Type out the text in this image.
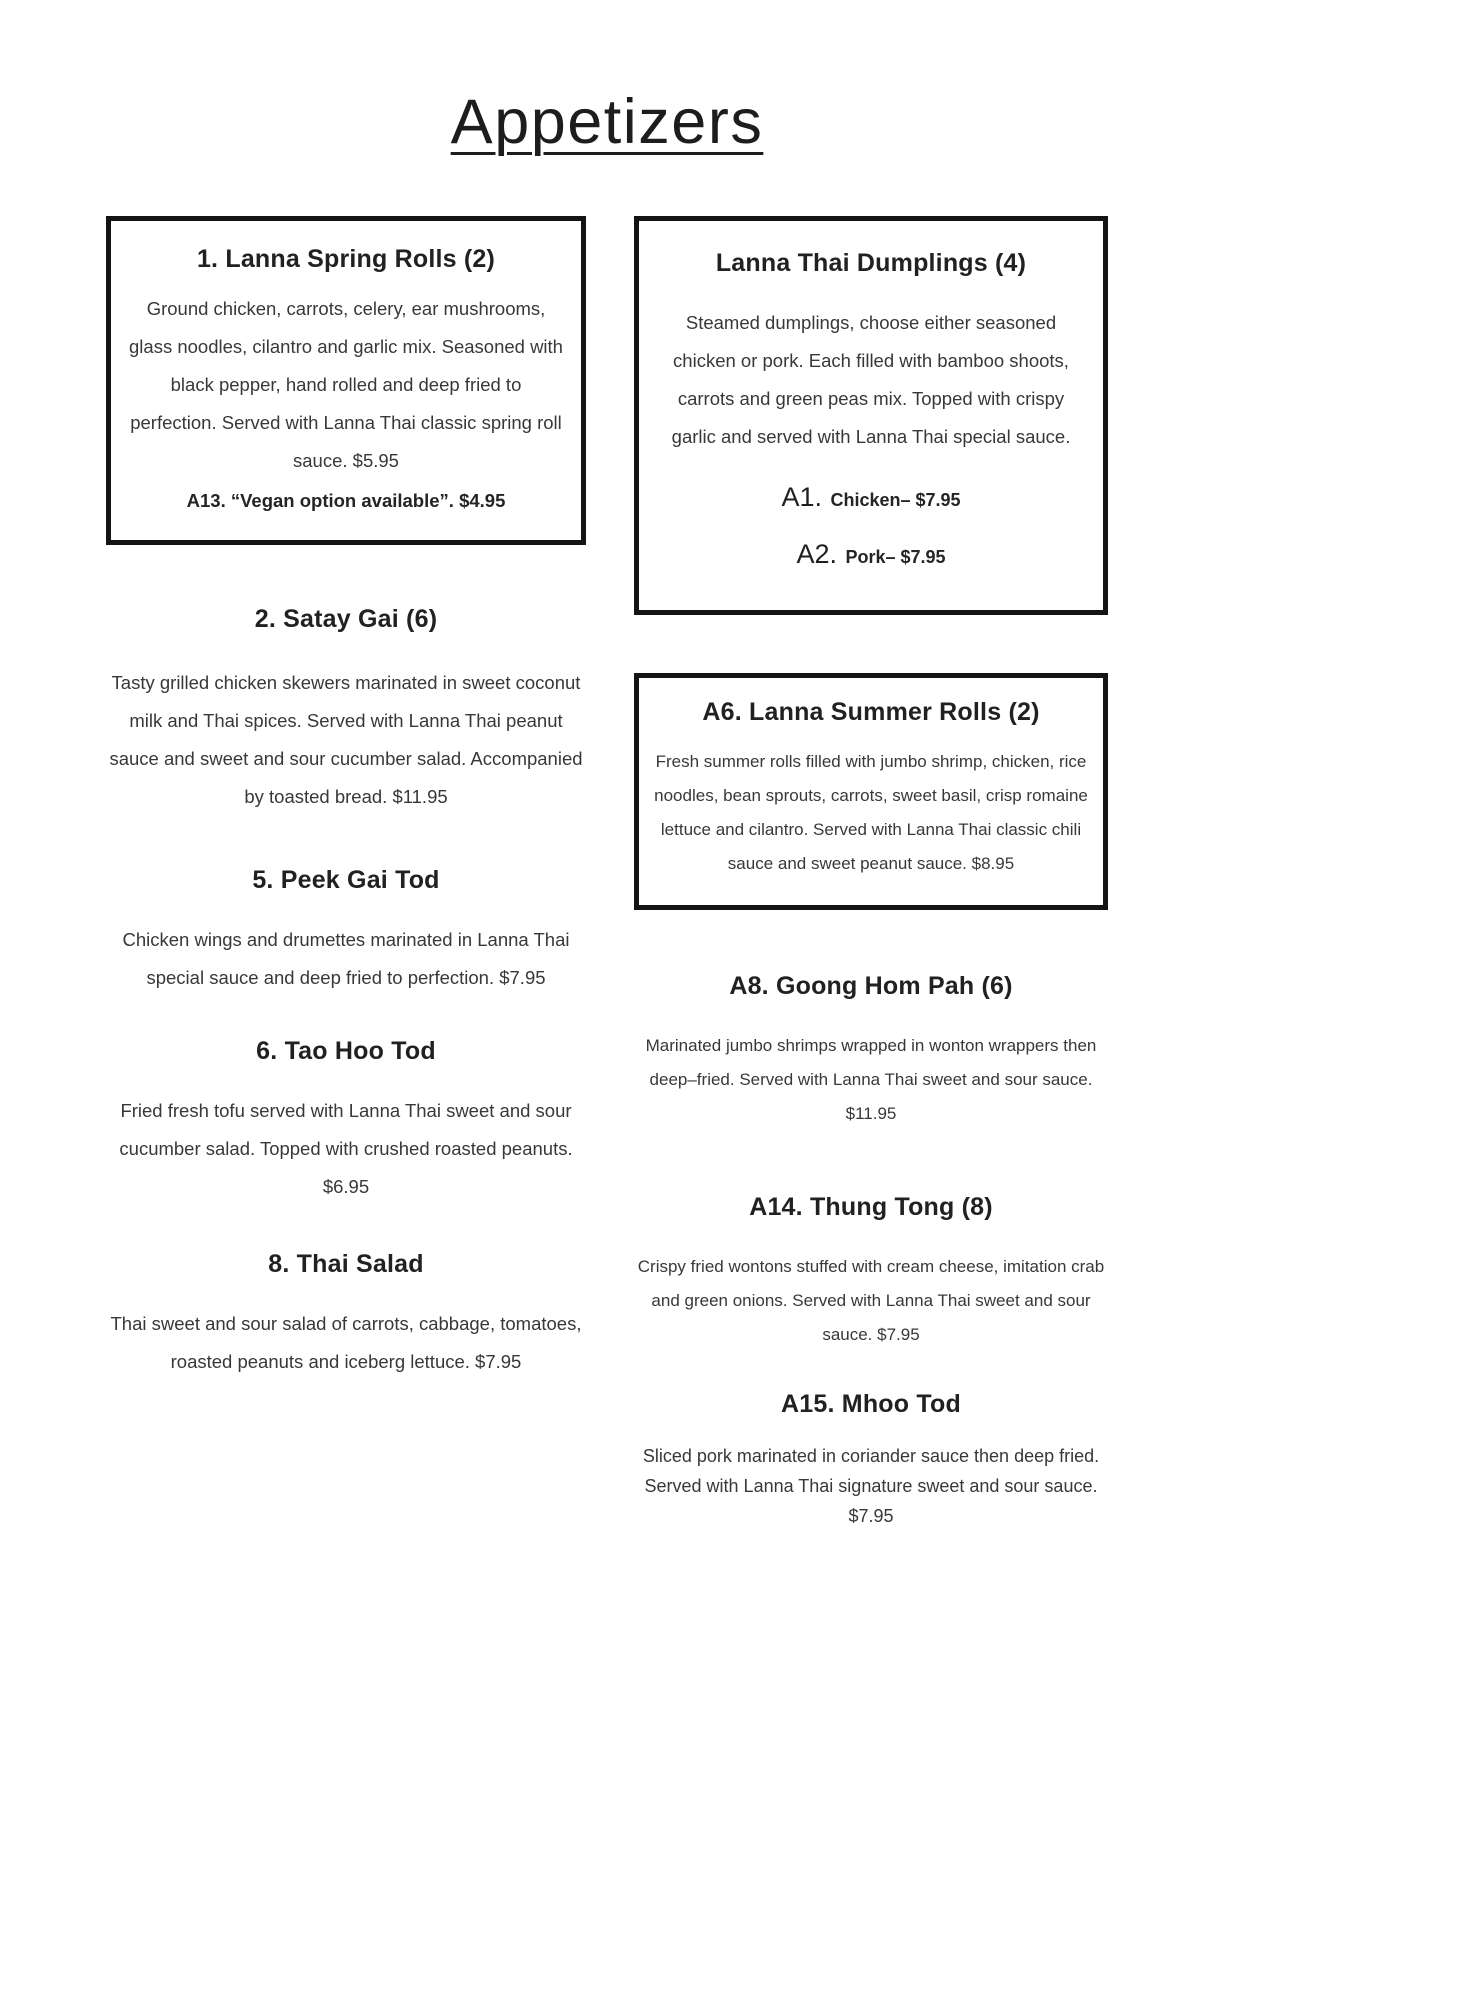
Appetizers
1. Lanna Spring Rolls (2)

Ground chicken, carrots, celery, ear mushrooms, glass noodles, cilantro and garlic mix. Seasoned with black pepper, hand rolled and deep fried to perfection. Served with Lanna Thai classic spring roll sauce. $5.95

A13. “Vegan option available”. $4.95

2. Satay Gai (6)

Tasty grilled chicken skewers marinated in sweet coconut milk and Thai spices. Served with Lanna Thai peanut sauce and sweet and sour cucumber salad. Accompanied by toasted bread. $11.95

5. Peek Gai Tod

Chicken wings and drumettes marinated in Lanna Thai special sauce and deep fried to perfection. $7.95

6. Tao Hoo Tod

Fried fresh tofu served with Lanna Thai sweet and sour cucumber salad. Topped with crushed roasted peanuts. $6.95

8. Thai Salad

Thai sweet and sour salad of carrots, cabbage, tomatoes, roasted peanuts and iceberg lettuce. $7.95

Lanna Thai Dumplings (4)

Steamed dumplings, choose either seasoned chicken or pork. Each filled with bamboo shoots, carrots and green peas mix. Topped with crispy garlic and served with Lanna Thai special sauce.

A1. Chicken– $7.95
A2. Pork– $7.95
A6. Lanna Summer Rolls (2)

Fresh summer rolls filled with jumbo shrimp, chicken, rice noodles, bean sprouts, carrots, sweet basil, crisp romaine lettuce and cilantro. Served with Lanna Thai classic chili sauce and sweet peanut sauce. $8.95

A8. Goong Hom Pah (6)

Marinated jumbo shrimps wrapped in wonton wrappers then deep–fried. Served with Lanna Thai sweet and sour sauce. $11.95

A14. Thung Tong (8)

Crispy fried wontons stuffed with cream cheese, imitation crab and green onions. Served with Lanna Thai sweet and sour sauce. $7.95

A15. Mhoo Tod

Sliced pork marinated in coriander sauce then deep fried. Served with Lanna Thai signature sweet and sour sauce. $7.95
